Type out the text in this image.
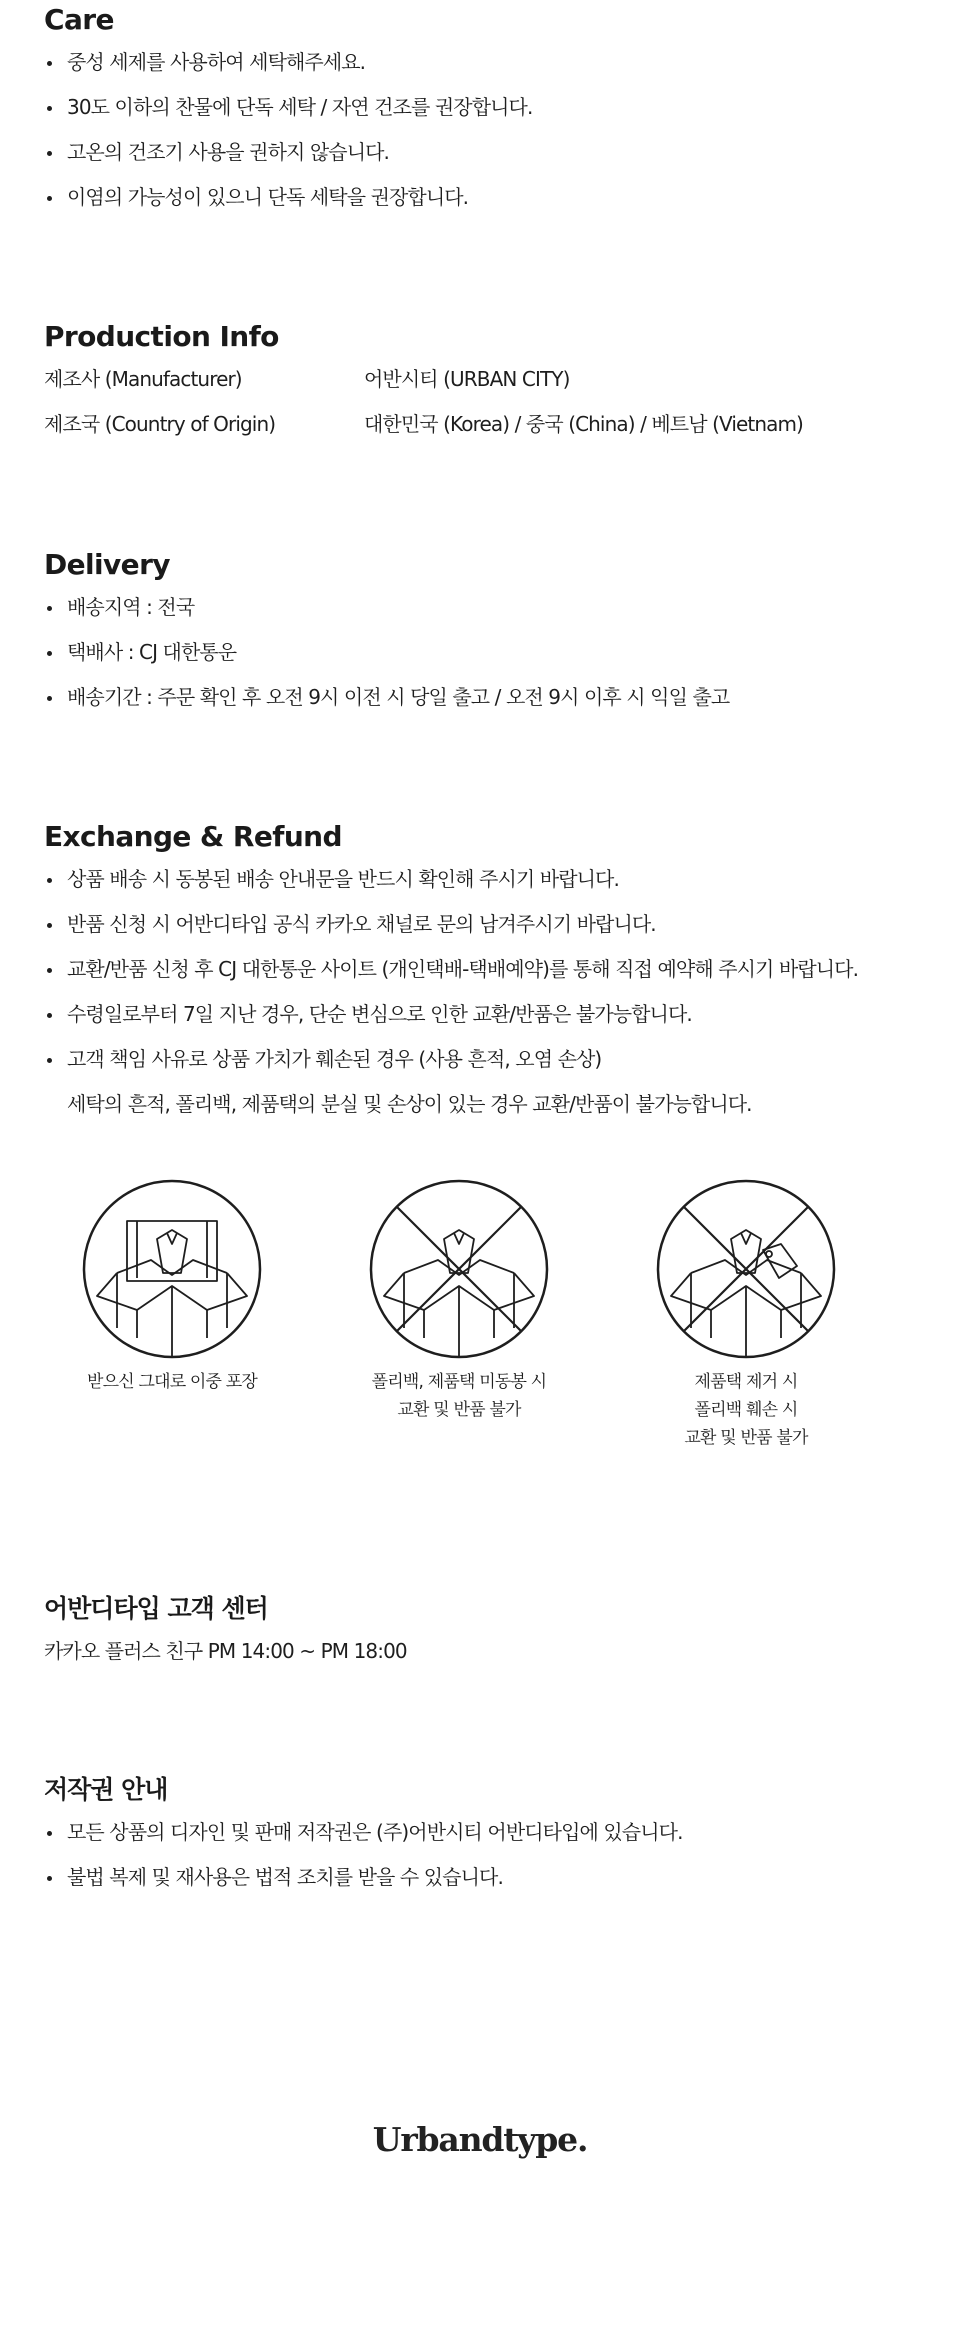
Care
중성 세제를 사용하여 세탁해주세요.
30도 이하의 찬물에 단독 세탁 / 자연 건조를 권장합니다.
고온의 건조기 사용을 권하지 않습니다.
이염의 가능성이 있으니 단독 세탁을 권장합니다.
Production Info
제조사 (Manufacturer)	어반시티 (URBAN CITY)
제조국 (Country of Origin)	대한민국 (Korea) / 중국 (China) / 베트남 (Vietnam)
Delivery
배송지역 : 전국
택배사 : CJ 대한통운
배송기간 : 주문 확인 후 오전 9시 이전 시 당일 출고 / 오전 9시 이후 시 익일 출고
Exchange & Refund
상품 배송 시 동봉된 배송 안내문을 반드시 확인해 주시기 바랍니다.
반품 신청 시 어반디타입 공식 카카오 채널로 문의 남겨주시기 바랍니다.
교환/반품 신청 후 CJ 대한통운 사이트 (개인택배-택배예약)를 통해 직접 예약해 주시기 바랍니다.
수령일로부터 7일 지난 경우, 단순 변심으로 인한 교환/반품은 불가능합니다.
고객 책임 사유로 상품 가치가 훼손된 경우 (사용 흔적, 오염 손상)
세탁의 흔적, 폴리백, 제품택의 분실 및 손상이 있는 경우 교환/반품이 불가능합니다.
받으신 그대로 이중 포장	폴리백, 제품택 미동봉 시
교환 및 반품 불가
제품택 제거 시
폴리백 훼손 시
교환 및 반품 불가
어반디타입 고객 센터
카카오 플러스 친구 PM 14:00 ~ PM 18:00
저작권 안내
모든 상품의 디자인 및 판매 저작권은 (주)어반시티 어반디타입에 있습니다.
불법 복제 및 재사용은 법적 조치를 받을 수 있습니다.
Urbandtype.
